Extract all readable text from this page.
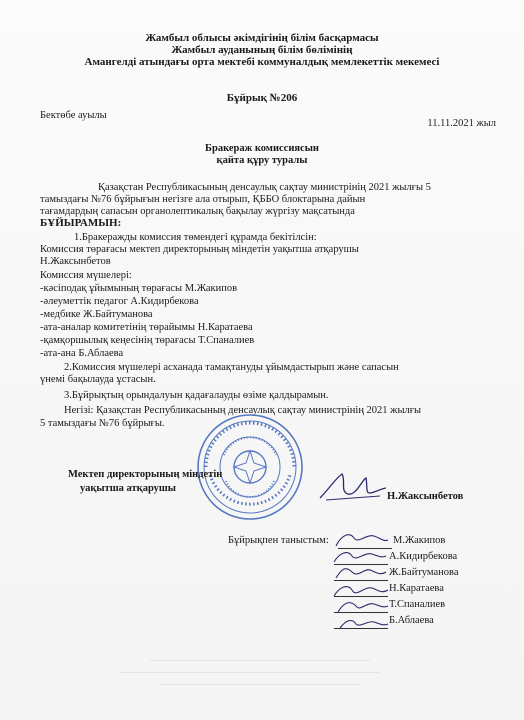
Жамбыл облысы әкімдігінің білім басқармасы
Жамбыл ауданының білім бөлімінің
Амангелді атындағы орта мектебі коммуналдық мемлекеттік мекемесі
Бұйрық №206
Бектөбе ауылы
11.11.2021 жыл
Бракераж комиссиясын
қайта құру туралы
Қазақстан Республикасының денсаулық сақтау министрінің 2021 жылғы 5
тамыздағы №76 бұйрығын негізге ала отырып, ҚББО блоктарына дайын
тағамдардың сапасын органолептикалық бақылау жүргізу мақсатында
БҰЙЫРАМЫН:
1.Бракеражды комиссия төмендегі құрамда бекітілсін:
Комиссия төрағасы мектеп директорының міндетін уақытша атқарушы
Н.Жаксынбетов
Комиссия мүшелері:
-кәсіподақ ұйымының төрағасы М.Жакипов
-әлеуметтік педагог А.Кидирбекова
-медбике Ж.Байтуманова
-ата-аналар комитетінің төрайымы Н.Каратаева
-қамқоршылық кеңесінің төрағасы Т.Спаналиев
-ата-ана Б.Аблаева
2.Комиссия мүшелері асханада тамақтануды ұйымдастырып және сапасын
үнемі бақылауда ұстасын.
3.Бұйрықтың орындалуын қадағалауды өзіме қалдырамын.
Негізі: Қазақстан Республикасының денсаулық сақтау министрінің 2021 жылғы
5 тамыздағы №76 бұйрығы.
Мектеп директорының міндетін
уақытша атқарушы
Н.Жаксынбетов
Бұйрықпен таныстым:	М.Жакипов
А.Кидирбекова
Ж.Байтуманова
Н.Каратаева
Т.Спаналиев
Б.Аблаева
